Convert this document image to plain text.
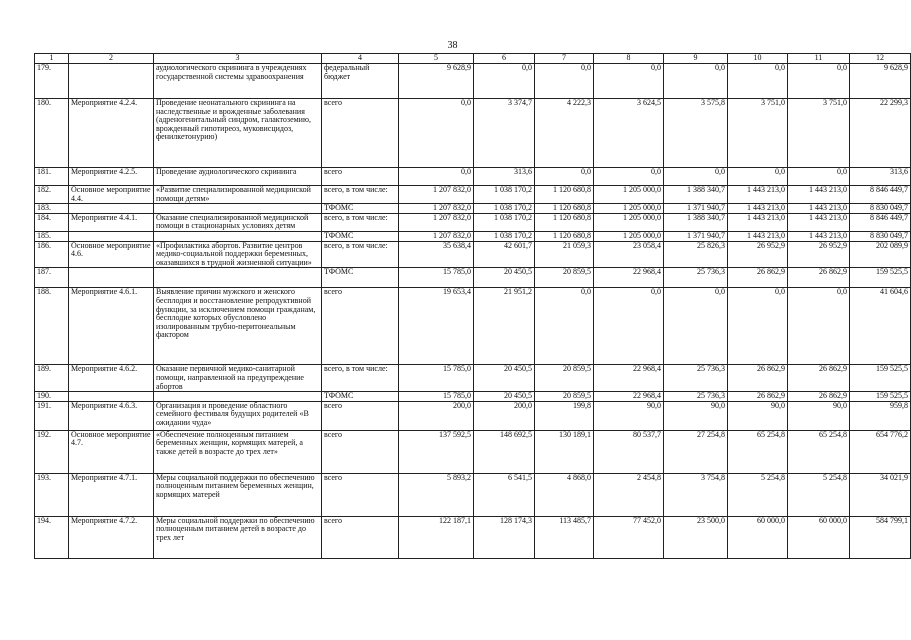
38
1	2	3	4	5	6	7	8	9	10	11	12
179.		аудиологического скрининга в учреждениях государственной системы здравоохранения	федеральный бюджет	9 628,9	0,0	0,0	0,0	0,0	0,0	0,0	9 628,9
180.	Мероприятие 4.2.4.	Проведение неонатального скрининга на наследственные и врожденные заболевания (адреногенитальный синдром, галактоземию, врожденный гипотиреоз, муковисцидоз, фенилкетонурию)	всего	0,0	3 374,7	4 222,3	3 624,5	3 575,8	3 751,0	3 751,0	22 299,3
181.	Мероприятие 4.2.5.	Проведение аудиологического скрининга	всего	0,0	313,6	0,0	0,0	0,0	0,0	0,0	313,6
182.	Основное мероприятие 4.4.	«Развитие специализированной медицинской помощи детям»	всего, в том числе:	1 207 832,0	1 038 170,2	1 120 680,8	1 205 000,0	1 388 340,7	1 443 213,0	1 443 213,0	8 846 449,7
183.			ТФОМС	1 207 832,0	1 038 170,2	1 120 680,8	1 205 000,0	1 371 940,7	1 443 213,0	1 443 213,0	8 830 049,7
184.	Мероприятие 4.4.1.	Оказание специализированной медицинской помощи в стационарных условиях детям	всего, в том числе:	1 207 832,0	1 038 170,2	1 120 680,8	1 205 000,0	1 388 340,7	1 443 213,0	1 443 213,0	8 846 449,7
185.			ТФОМС	1 207 832,0	1 038 170,2	1 120 680,8	1 205 000,0	1 371 940,7	1 443 213,0	1 443 213,0	8 830 049,7
186.	Основное мероприятие 4.6.	«Профилактика абортов. Развитие центров медико-социальной поддержки беременных, оказавшихся в трудной жизненной ситуации»	всего, в том числе:	35 638,4	42 601,7	21 059,3	23 058,4	25 826,3	26 952,9	26 952,9	202 089,9
187.			ТФОМС	15 785,0	20 450,5	20 859,5	22 968,4	25 736,3	26 862,9	26 862,9	159 525,5
188.	Мероприятие 4.6.1.	Выявление причин мужского и женского бесплодия и восстановление репродуктивной функции, за исключением помощи гражданам, бесплодие которых обусловлено изолированным трубно-перитонеальным фактором	всего	19 653,4	21 951,2	0,0	0,0	0,0	0,0	0,0	41 604,6
189.	Мероприятие 4.6.2.	Оказание первичной медико-санитарной помощи, направленной на предупреждение абортов	всего, в том числе:	15 785,0	20 450,5	20 859,5	22 968,4	25 736,3	26 862,9	26 862,9	159 525,5
190.			ТФОМС	15 785,0	20 450,5	20 859,5	22 968,4	25 736,3	26 862,9	26 862,9	159 525,5
191.	Мероприятие 4.6.3.	Организация и проведение областного семейного фестиваля будущих родителей «В ожидании чуда»	всего	200,0	200,0	199,8	90,0	90,0	90,0	90,0	959,8
192.	Основное мероприятие 4.7.	«Обеспечение полноценным питанием беременных женщин, кормящих матерей, а также детей в возрасте до трех лет»	всего	137 592,5	148 692,5	130 189,1	80 537,7	27 254,8	65 254,8	65 254,8	654 776,2
193.	Мероприятие 4.7.1.	Меры социальной поддержки по обеспечению полноценным питанием беременных женщин, кормящих матерей	всего	5 893,2	6 541,5	4 868,0	2 454,8	3 754,8	5 254,8	5 254,8	34 021,9
194.	Мероприятие 4.7.2.	Меры социальной поддержки по обеспечению полноценным питанием детей в возрасте до трех лет	всего	122 187,1	128 174,3	113 485,7	77 452,0	23 500,0	60 000,0	60 000,0	584 799,1
